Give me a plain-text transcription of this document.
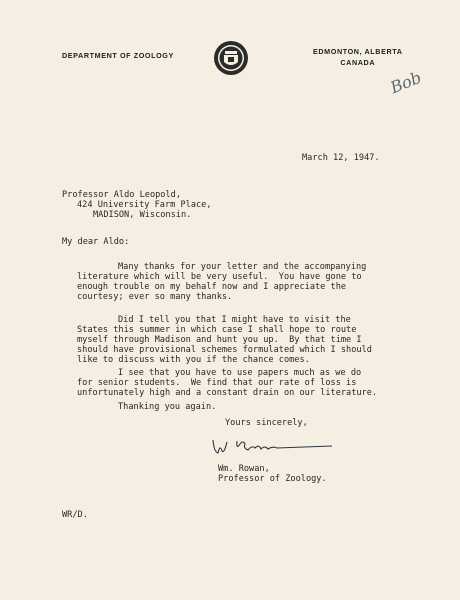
DEPARTMENT OF ZOOLOGY	EDMONTON, ALBERTA
CANADA
Bob
March 12, 1947.
Professor Aldo Leopold,
424 University Farm Place,
MADISON, Wisconsin.
My dear Aldo:
Many thanks for your letter and the accompanying
literature which will be very useful.  You have gone to
enough trouble on my behalf now and I appreciate the
courtesy; ever so many thanks.
Did I tell you that I might have to visit the
States this summer in which case I shall hope to route
myself through Madison and hunt you up.  By that time I
should have provisional schemes formulated which I should
like to discuss with you if the chance comes.
I see that you have to use papers much as we do
for senior students.  We find that our rate of loss is
unfortunately high and a constant drain on our literature.
Thanking you again.
Yours sincerely,
Wm. Rowan,
Professor of Zoology.
WR/D.
